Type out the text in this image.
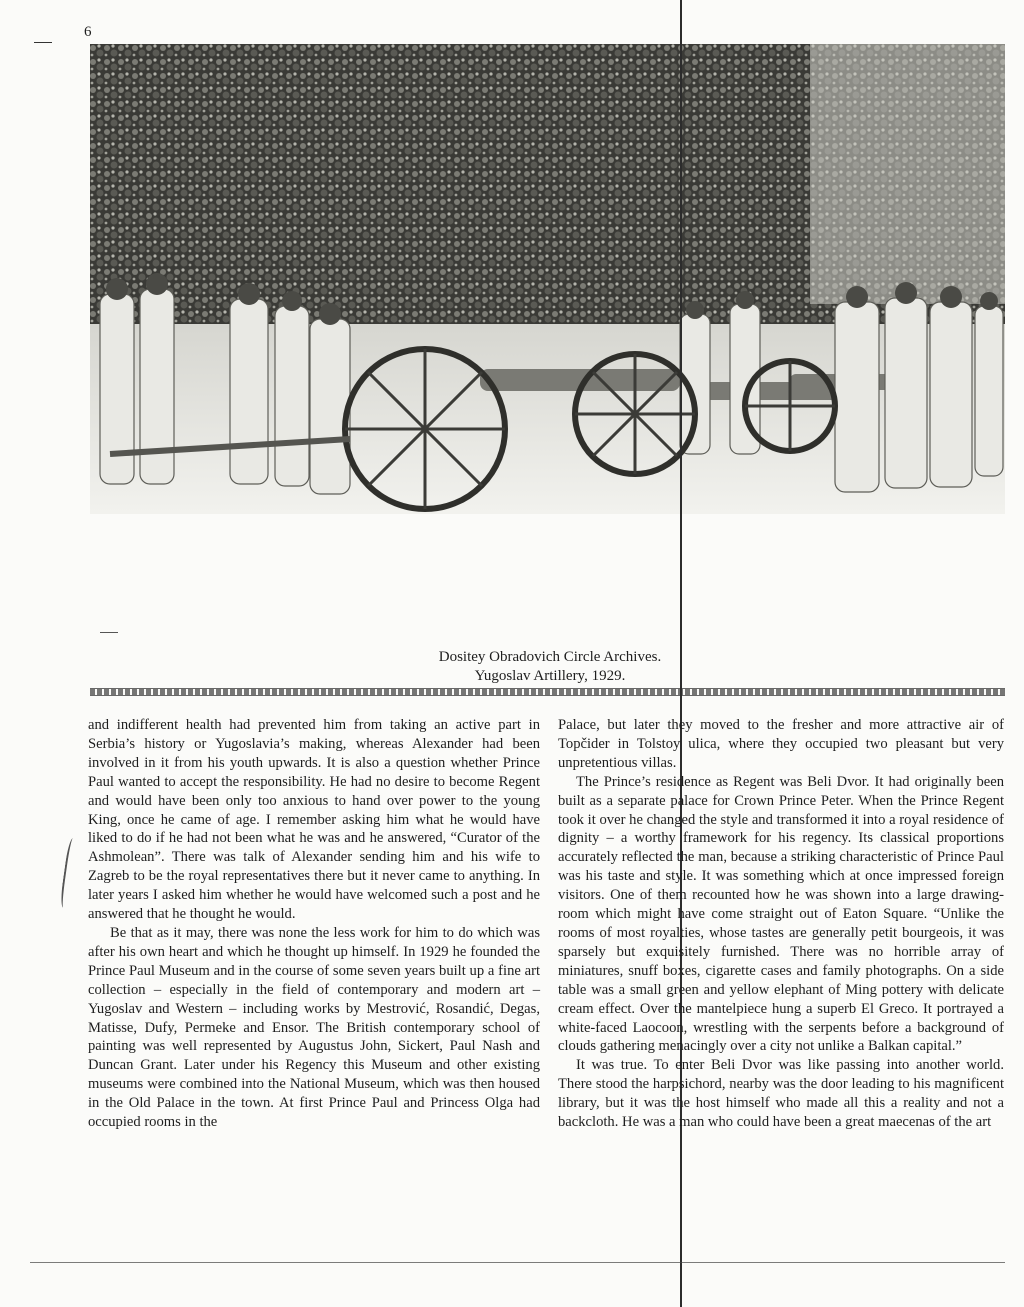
6
Dositey Obradovich Circle Archives.
Yugoslav Artillery, 1929.

and indifferent health had prevented him from taking an active part in Serbia’s history or Yugoslavia’s making, whereas Alexander had been involved in it from his youth upwards. It is also a question whether Prince Paul wanted to accept the responsibility. He had no desire to become Regent and would have been only too anxious to hand over power to the young King, once he came of age. I remember asking him what he would have liked to do if he had not been what he was and he answered, “Curator of the Ashmolean”. There was talk of Alexander sending him and his wife to Zagreb to be the royal representatives there but it never came to anything. In later years I asked him whether he would have welcomed such a post and he answered that he thought he would.

Be that as it may, there was none the less work for him to do which was after his own heart and which he thought up himself. In 1929 he founded the Prince Paul Museum and in the course of some seven years built up a fine art collection – especially in the field of contemporary and modern art – Yugoslav and Western – including works by Mestrović, Rosandić, Degas, Matisse, Dufy, Permeke and Ensor. The British contemporary school of painting was well represented by Augustus John, Sickert, Paul Nash and Duncan Grant. Later under his Regency this Museum and other existing museums were combined into the National Museum, which was then housed in the Old Palace in the town. At first Prince Paul and Princess Olga had occupied rooms in the

Palace, but later they moved to the fresher and more attractive air of Topčider in Tolstoy ulica, where they occupied two pleasant but very unpretentious villas.

The Prince’s residence as Regent was Beli Dvor. It had originally been built as a separate palace for Crown Prince Peter. When the Prince Regent took it over he changed the style and transformed it into a royal residence of dignity – a worthy framework for his regency. Its classical proportions accurately reflected the man, because a striking characteristic of Prince Paul was his taste and style. It was something which at once impressed foreign visitors. One of them recounted how he was shown into a large drawing-room which might have come straight out of Eaton Square. “Unlike the rooms of most royalties, whose tastes are generally petit bourgeois, it was sparsely but exquisitely furnished. There was no horrible array of miniatures, snuff boxes, cigarette cases and family photographs. On a side table was a small green and yellow elephant of Ming pottery with delicate cream effect. Over the mantelpiece hung a superb El Greco. It portrayed a white-faced Laocoon, wrestling with the serpents before a background of clouds gathering menacingly over a city not unlike a Balkan capital.”

It was true. To enter Beli Dvor was like passing into another world. There stood the harpsichord, nearby was the door leading to his magnificent library, but it was the host himself who made all this a reality and not a backcloth. He was a man who could have been a great maecenas of the art
